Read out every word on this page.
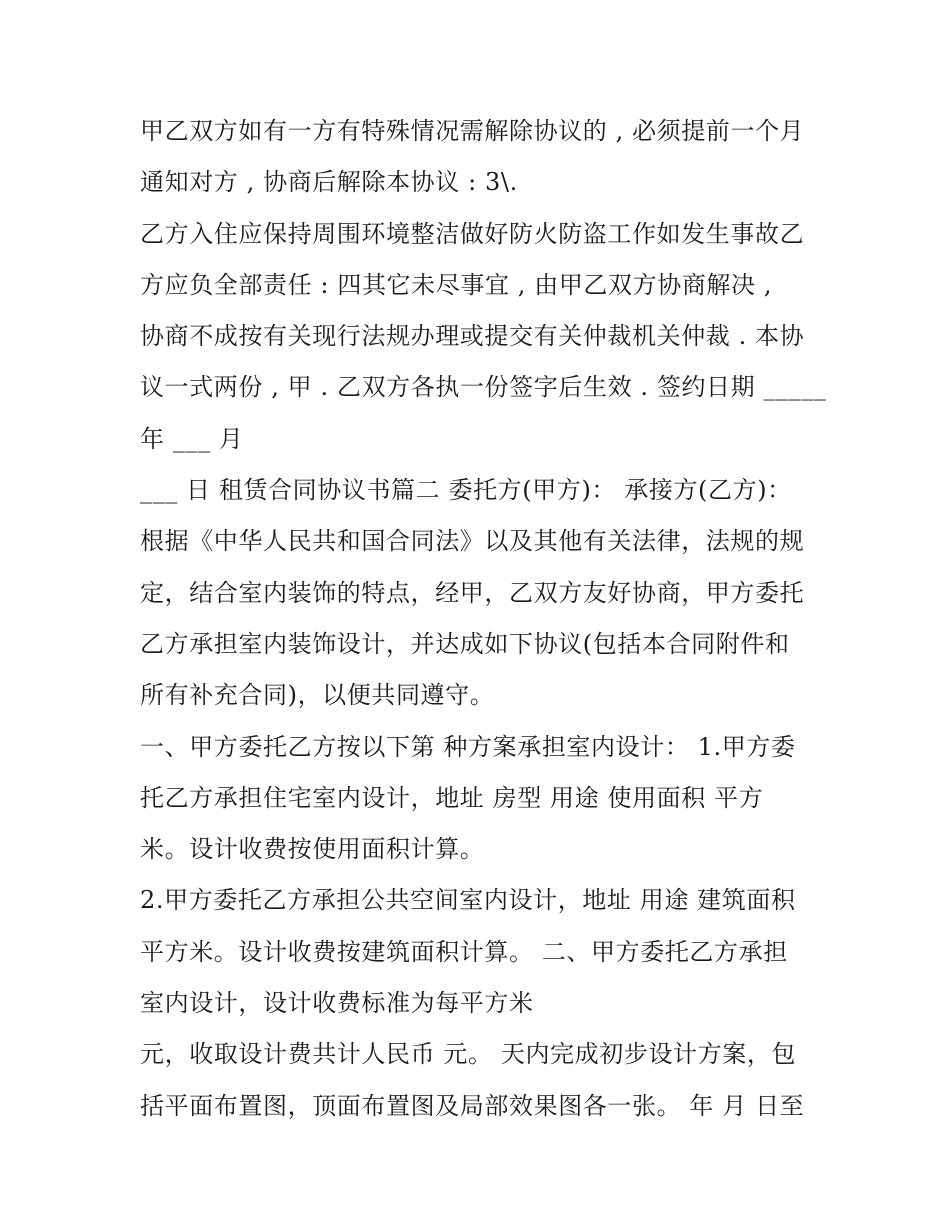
甲乙双方如有一方有特殊情况需解除协议的 , 必须提前一个月
通知对方 , 协商后解除本协议 : 3\.
乙方入住应保持周围环境整洁做好防火防盗工作如发生事故乙
方应负全部责任 : 四其它未尽事宜 , 由甲乙双方协商解决 ,
协商不成按有关现行法规办理或提交有关仲裁机关仲裁 . 本协
议一式两份 , 甲 . 乙双方各执一份签字后生效 . 签约日期 _____
年 ___ 月
___ 日 租赁合同协议书篇二 委托方(甲方)： 承接方(乙方)：
根据《中华人民共和国合同法》以及其他有关法律，法规的规
定，结合室内装饰的特点，经甲，乙双方友好协商，甲方委托
乙方承担室内装饰设计，并达成如下协议(包括本合同附件和
所有补充合同)，以便共同遵守。
一、甲方委托乙方按以下第 种方案承担室内设计： 1.甲方委
托乙方承担住宅室内设计，地址 房型 用途 使用面积 平方
米。设计收费按使用面积计算。
2.甲方委托乙方承担公共空间室内设计，地址 用途 建筑面积
平方米。设计收费按建筑面积计算。 二、甲方委托乙方承担
室内设计，设计收费标准为每平方米
元，收取设计费共计人民币 元。 天内完成初步设计方案，包
括平面布置图，顶面布置图及局部效果图各一张。 年 月 日至
